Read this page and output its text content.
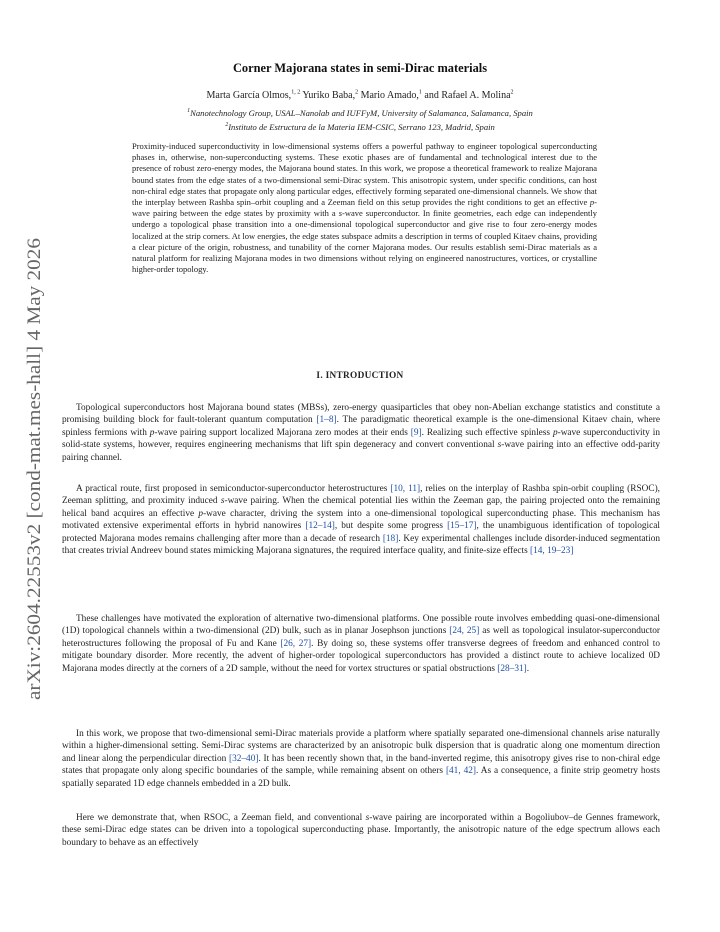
arXiv:2604.22553v2 [cond-mat.mes-hall] 4 May 2026
Corner Majorana states in semi-Dirac materials
Marta García Olmos,$^{1, 2}$ Yuriko Baba,$^2$ Mario Amado,$^1$ and Rafael A. Molina$^2$
$^1$Nanotechnology Group, USAL–Nanolab and IUFFyM, University of Salamanca, Salamanca, Spain
$^2$Instituto de Estructura de la Materia IEM-CSIC, Serrano 123, Madrid, Spain
Proximity-induced superconductivity in low-dimensional systems offers a powerful pathway to engineer topological superconducting phases in, otherwise, non-superconducting systems. These exotic phases are of fundamental and technological interest due to the presence of robust zero-energy modes, the Majorana bound states. In this work, we propose a theoretical framework to realize Majorana bound states from the edge states of a two-dimensional semi-Dirac system. This anisotropic system, under specific conditions, can host non-chiral edge states that propagate only along particular edges, effectively forming separated one-dimensional channels. We show that the interplay between Rashba spin–orbit coupling and a Zeeman field on this setup provides the right conditions to get an effective p-wave pairing between the edge states by proximity with a s-wave superconductor. In finite geometries, each edge can independently undergo a topological phase transition into a one-dimensional topological superconductor and give rise to four zero-energy modes localized at the strip corners. At low energies, the edge states subspace admits a description in terms of coupled Kitaev chains, providing a clear picture of the origin, robustness, and tunability of the corner Majorana modes. Our results establish semi-Dirac materials as a natural platform for realizing Majorana modes in two dimensions without relying on engineered nanostructures, vortices, or crystalline higher-order topology.
I. INTRODUCTION
Topological superconductors host Majorana bound states (MBSs), zero-energy quasiparticles that obey non-Abelian exchange statistics and constitute a promising building block for fault-tolerant quantum computation [1–8]. The paradigmatic theoretical example is the one-dimensional Kitaev chain, where spinless fermions with p-wave pairing support localized Majorana zero modes at their ends [9]. Realizing such effective spinless p-wave superconductivity in solid-state systems, however, requires engineering mechanisms that lift spin degeneracy and convert conventional s-wave pairing into an effective odd-parity pairing channel.
A practical route, first proposed in semiconductor-superconductor heterostructures [10, 11], relies on the interplay of Rashba spin-orbit coupling (RSOC), Zeeman splitting, and proximity induced s-wave pairing. When the chemical potential lies within the Zeeman gap, the pairing projected onto the remaining helical band acquires an effective p-wave character, driving the system into a one-dimensional topological superconducting phase. This mechanism has motivated extensive experimental efforts in hybrid nanowires [12–14], but despite some progress [15–17], the unambiguous identification of topological protected Majorana modes remains challenging after more than a decade of research [18]. Key experimental challenges include disorder-induced segmentation that creates trivial Andreev bound states mimicking Majorana signatures, the required interface quality, and finite-size effects [14, 19–23]
These challenges have motivated the exploration of alternative two-dimensional platforms. One possible route involves embedding quasi-one-dimensional (1D) topological channels within a two-dimensional (2D) bulk, such as in planar Josephson junctions [24, 25] as well as topological insulator-superconductor heterostructures following the proposal of Fu and Kane [26, 27]. By doing so, these systems offer transverse degrees of freedom and enhanced control to mitigate boundary disorder. More recently, the advent of higher-order topological superconductors has provided a distinct route to achieve localized 0D Majorana modes directly at the corners of a 2D sample, without the need for vortex structures or spatial obstructions [28–31].
In this work, we propose that two-dimensional semi-Dirac materials provide a platform where spatially separated one-dimensional channels arise naturally within a higher-dimensional setting. Semi-Dirac systems are characterized by an anisotropic bulk dispersion that is quadratic along one momentum direction and linear along the perpendicular direction [32–40]. It has been recently shown that, in the band-inverted regime, this anisotropy gives rise to non-chiral edge states that propagate only along specific boundaries of the sample, while remaining absent on others [41, 42]. As a consequence, a finite strip geometry hosts spatially separated 1D edge channels embedded in a 2D bulk.
Here we demonstrate that, when RSOC, a Zeeman field, and conventional s-wave pairing are incorporated within a Bogoliubov–de Gennes framework, these semi-Dirac edge states can be driven into a topological superconducting phase. Importantly, the anisotropic nature of the edge spectrum allows each boundary to behave as an effectively
